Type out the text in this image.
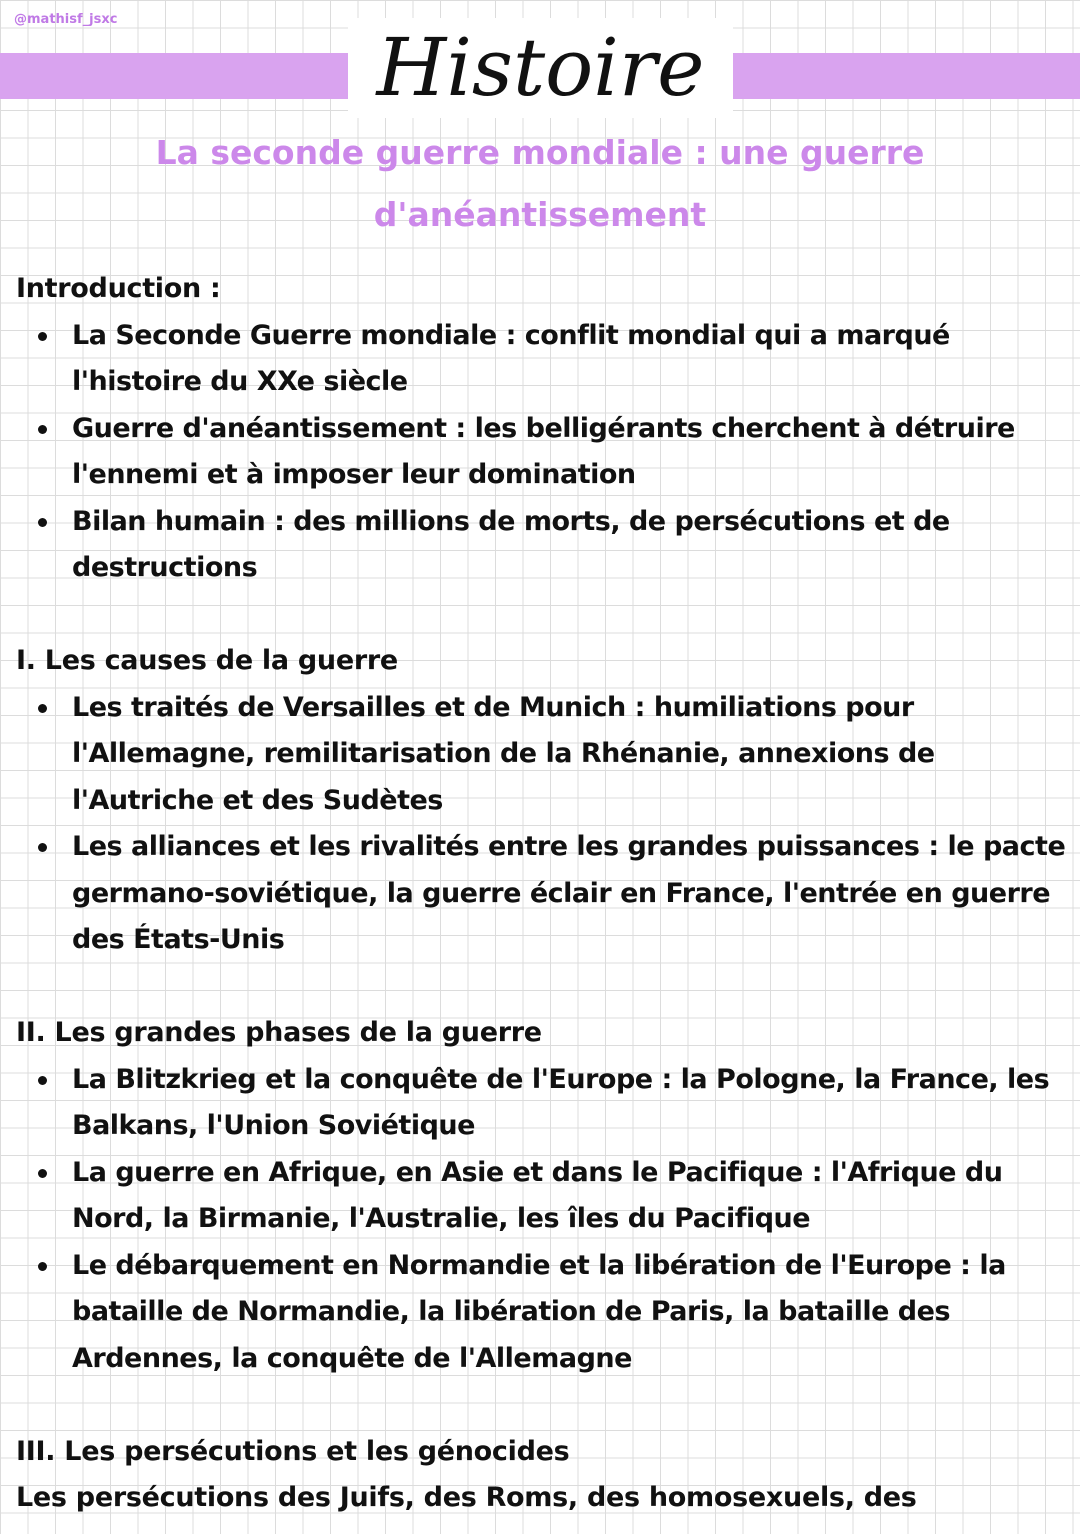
@mathisf_jsxc
Histoire
La seconde guerre mondiale : une guerre
d'anéantissement

Introduction :

La Seconde Guerre mondiale : conflit mondial qui a marqué l'histoire du XXe siècle
Guerre d'anéantissement : les belligérants cherchent à détruire l'ennemi et à imposer leur domination
Bilan humain : des millions de morts, de persécutions et de destructions

I. Les causes de la guerre

Les traités de Versailles et de Munich : humiliations pour l'Allemagne, remilitarisation de la Rhénanie, annexions de l'Autriche et des Sudètes
Les alliances et les rivalités entre les grandes puissances : le pacte germano-soviétique, la guerre éclair en France, l'entrée en guerre des États-Unis

II. Les grandes phases de la guerre

La Blitzkrieg et la conquête de l'Europe : la Pologne, la France, les Balkans, l'Union Soviétique
La guerre en Afrique, en Asie et dans le Pacifique : l'Afrique du Nord, la Birmanie, l'Australie, les îles du Pacifique
Le débarquement en Normandie et la libération de l'Europe : la bataille de Normandie, la libération de Paris, la bataille des Ardennes, la conquête de l'Allemagne

III. Les persécutions et les génocides

Les persécutions des Juifs, des Roms, des homosexuels, des
